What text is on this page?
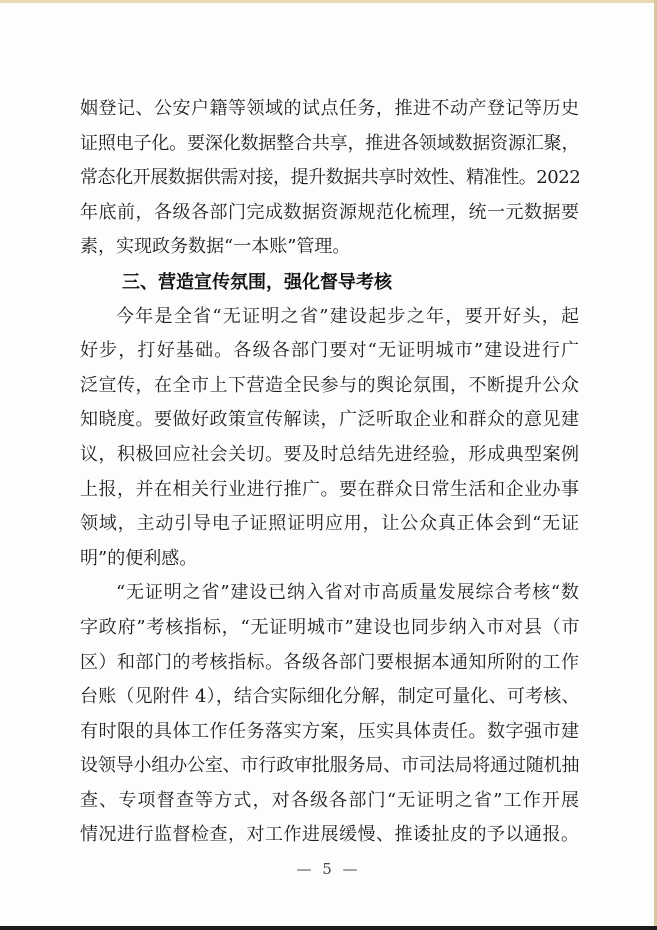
姻登记、公安户籍等领域的试点任务，推进不动产登记等历史
证照电子化。要深化数据整合共享，推进各领域数据资源汇聚，
常态化开展数据供需对接，提升数据共享时效性、精准性。2022
年底前，各级各部门完成数据资源规范化梳理，统一元数据要
素，实现政务数据“一本账”管理。
三、营造宣传氛围，强化督导考核
今年是全省“无证明之省”建设起步之年，要开好头，起
好步，打好基础。各级各部门要对“无证明城市”建设进行广
泛宣传，在全市上下营造全民参与的舆论氛围，不断提升公众
知晓度。要做好政策宣传解读，广泛听取企业和群众的意见建
议，积极回应社会关切。要及时总结先进经验，形成典型案例
上报，并在相关行业进行推广。要在群众日常生活和企业办事
领域，主动引导电子证照证明应用，让公众真正体会到“无证
明”的便利感。
“无证明之省”建设已纳入省对市高质量发展综合考核“数
字政府”考核指标，“无证明城市”建设也同步纳入市对县（市
区）和部门的考核指标。各级各部门要根据本通知所附的工作
台账（见附件 4），结合实际细化分解，制定可量化、可考核、
有时限的具体工作任务落实方案，压实具体责任。数字强市建
设领导小组办公室、市行政审批服务局、市司法局将通过随机抽
查、专项督查等方式，对各级各部门“无证明之省”工作开展
情况进行监督检查，对工作进展缓慢、推诿扯皮的予以通报。
— 5 —
